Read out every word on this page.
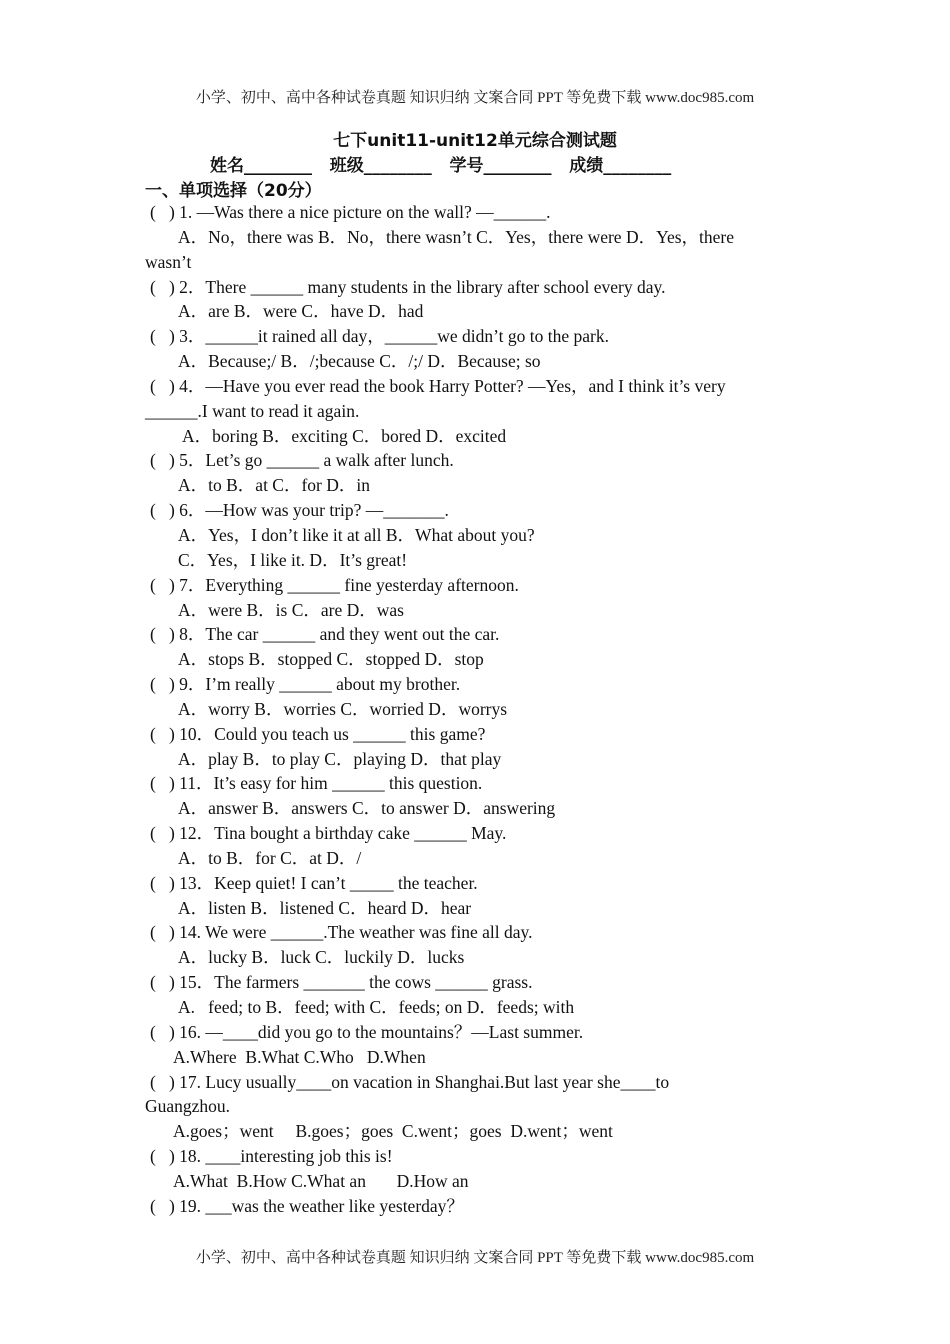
小学、初中、高中各种试卷真题 知识归纳 文案合同 PPT 等免费下载 www.doc985.com
七下unit11-unit12单元综合测试题
姓名________   班级________   学号________   成绩________
一、单项选择（20分）
(   ) 1. —Was there a nice picture on the wall? —______.
A．No，there was B．No，there wasn’t C．Yes，there were D．Yes，there
wasn’t
(   ) 2．There ______ many students in the library after school every day.
A．are B．were C．have D．had
(   ) 3．______it rained all day，______we didn’t go to the park.
A．Because;/ B．/;because C．/;/ D．Because; so
(   ) 4．—Have you ever read the book Harry Potter? —Yes，and I think it’s very
______.I want to read it again.
A．boring B．exciting C．bored D．excited
(   ) 5．Let’s go ______ a walk after lunch.
A．to B．at C．for D．in
(   ) 6．—How was your trip? —_______.
A．Yes，I don’t like it at all B．What about you?
C．Yes，I like it. D．It’s great!
(   ) 7．Everything ______ fine yesterday afternoon.
A．were B．is C．are D．was
(   ) 8．The car ______ and they went out the car.
A．stops B．stopped C．stopped D．stop
(   ) 9．I’m really ______ about my brother.
A．worry B．worries C．worried D．worrys
(   ) 10．Could you teach us ______ this game?
A．play B．to play C．playing D．that play
(   ) 11．It’s easy for him ______ this question.
A．answer B．answers C．to answer D．answering
(   ) 12．Tina bought a birthday cake ______ May.
A．to B．for C．at D．/
(   ) 13．Keep quiet! I can’t _____ the teacher.
A．listen B．listened C．heard D．hear
(   ) 14. We were ______.The weather was fine all day.
A．lucky B．luck C．luckily D．lucks
(   ) 15．The farmers _______ the cows ______ grass.
A.   feed; to B．feed; with C．feeds; on D．feeds; with
(   ) 16. —____did you go to the mountains？—Last summer.
A.Where  B.What C.Who   D.When
(   ) 17. Lucy usually____on vacation in Shanghai.But last year she____to
Guangzhou.
A.goes；went     B.goes；goes  C.went；goes  D.went；went
(   ) 18. ____interesting job this is!
A.What  B.How C.What an       D.How an
(   ) 19. ___was the weather like yesterday？
小学、初中、高中各种试卷真题 知识归纳 文案合同 PPT 等免费下载 www.doc985.com
